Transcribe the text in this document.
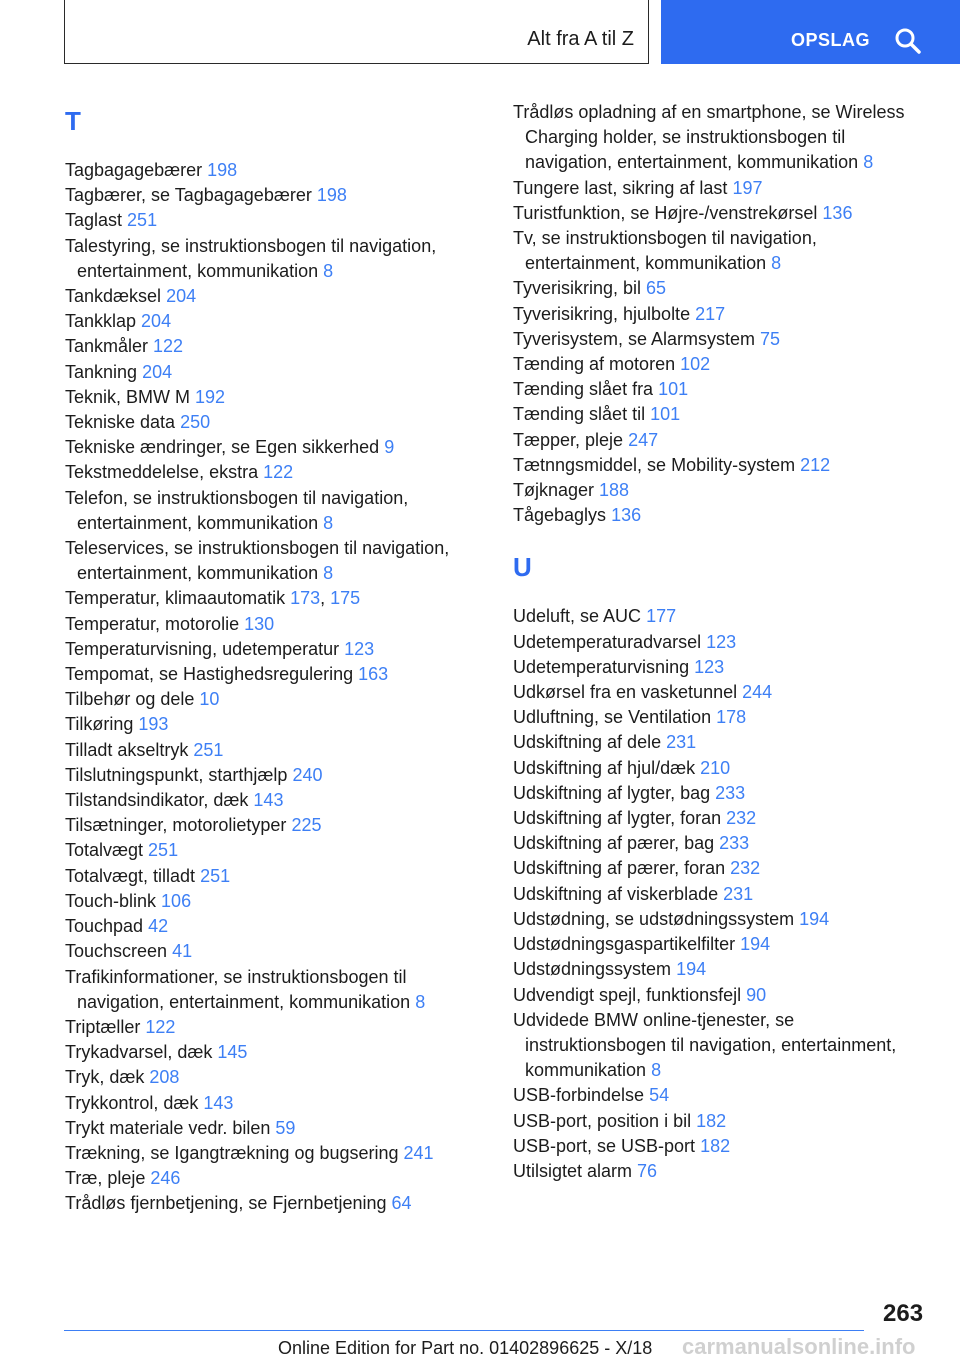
Alt fra A til Z	OPSLAG
T
Tagbagagebærer 198
Tagbærer, se Tagbagagebærer 198
Taglast 251
Talestyring, se instruktionsbogen til navigation, entertainment, kommunikation 8
Tankdæksel 204
Tankklap 204
Tankmåler 122
Tankning 204
Teknik, BMW M 192
Tekniske data 250
Tekniske ændringer, se Egen sikkerhed 9
Tekstmeddelelse, ekstra 122
Telefon, se instruktionsbogen til navigation, entertainment, kommunikation 8
Teleservices, se instruktionsbogen til navigation, entertainment, kommunikation 8
Temperatur, klimaautomatik 173, 175
Temperatur, motorolie 130
Temperaturvisning, udetemperatur 123
Tempomat, se Hastighedsregulering 163
Tilbehør og dele 10
Tilkøring 193
Tilladt akseltryk 251
Tilslutningspunkt, starthjælp 240
Tilstandsindikator, dæk 143
Tilsætninger, motorolietyper 225
Totalvægt 251
Totalvægt, tilladt 251
Touch-blink 106
Touchpad 42
Touchscreen 41
Trafikinformationer, se instruktionsbogen til navigation, entertainment, kommunikation 8
Triptæller 122
Trykadvarsel, dæk 145
Tryk, dæk 208
Trykkontrol, dæk 143
Trykt materiale vedr. bilen 59
Trækning, se Igangtrækning og bugsering 241
Træ, pleje 246
Trådløs fjernbetjening, se Fjernbetjening 64
Trådløs opladning af en smartphone, se Wireless Charging holder, se instruktionsbogen til navigation, entertainment, kommunikation 8
Tungere last, sikring af last 197
Turistfunktion, se Højre-/venstrekørsel 136
Tv, se instruktionsbogen til navigation, entertainment, kommunikation 8
Tyverisikring, bil 65
Tyverisikring, hjulbolte 217
Tyverisystem, se Alarmsystem 75
Tænding af motoren 102
Tænding slået fra 101
Tænding slået til 101
Tæpper, pleje 247
Tætnngsmiddel, se Mobility-system 212
Tøjknager 188
Tågebaglys 136
U
Udeluft, se AUC 177
Udetemperaturadvarsel 123
Udetemperaturvisning 123
Udkørsel fra en vasketunnel 244
Udluftning, se Ventilation 178
Udskiftning af dele 231
Udskiftning af hjul/dæk 210
Udskiftning af lygter, bag 233
Udskiftning af lygter, foran 232
Udskiftning af pærer, bag 233
Udskiftning af pærer, foran 232
Udskiftning af viskerblade 231
Udstødning, se udstødningssystem 194
Udstødningsgaspartikelfilter 194
Udstødningssystem 194
Udvendigt spejl, funktionsfejl 90
Udvidede BMW online-tjenester, se instruktionsbogen til navigation, entertainment, kommunikation 8
USB-forbindelse 54
USB-port, position i bil 182
USB-port, se USB-port 182
Utilsigtet alarm 76
263
Online Edition for Part no. 01402896625 - X/18 carmanualsonline.info
